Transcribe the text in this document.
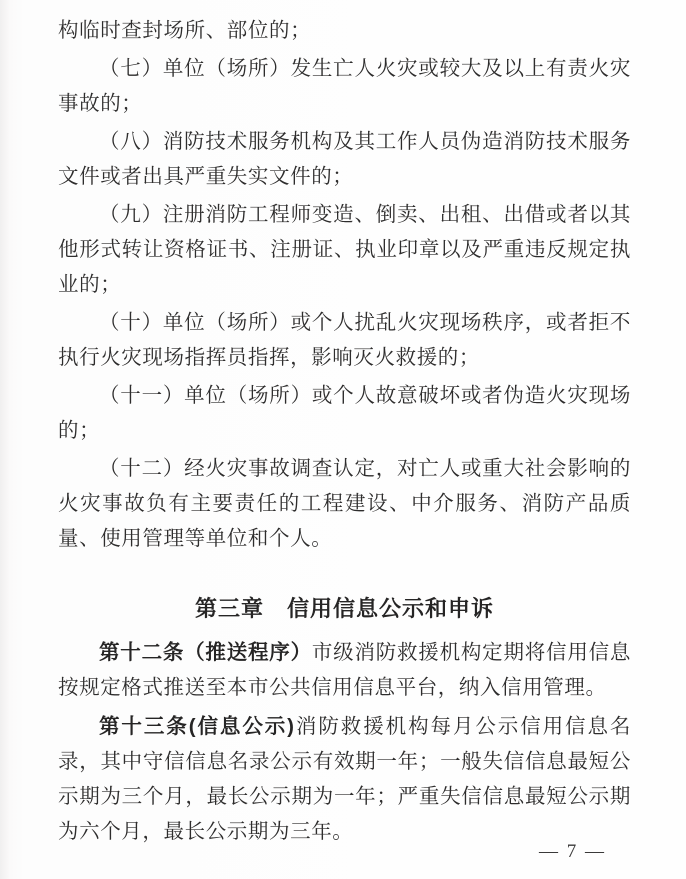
构临时查封场所、部位的；

（七）单位（场所）发生亡人火灾或较大及以上有责火灾事故的；

（八）消防技术服务机构及其工作人员伪造消防技术服务文件或者出具严重失实文件的；

（九）注册消防工程师变造、倒卖、出租、出借或者以其他形式转让资格证书、注册证、执业印章以及严重违反规定执业的；

（十）单位（场所）或个人扰乱火灾现场秩序，或者拒不执行火灾现场指挥员指挥，影响灭火救援的；

（十一）单位（场所）或个人故意破坏或者伪造火灾现场的；

（十二）经火灾事故调查认定，对亡人或重大社会影响的火灾事故负有主要责任的工程建设、中介服务、消防产品质量、使用管理等单位和个人。

第三章　信用信息公示和申诉

第十二条（推送程序）市级消防救援机构定期将信用信息按规定格式推送至本市公共信用信息平台，纳入信用管理。

第十三条(信息公示)消防救援机构每月公示信用信息名录，其中守信信息名录公示有效期一年；一般失信信息最短公示期为三个月，最长公示期为一年；严重失信信息最短公示期为六个月，最长公示期为三年。

— 7 —
